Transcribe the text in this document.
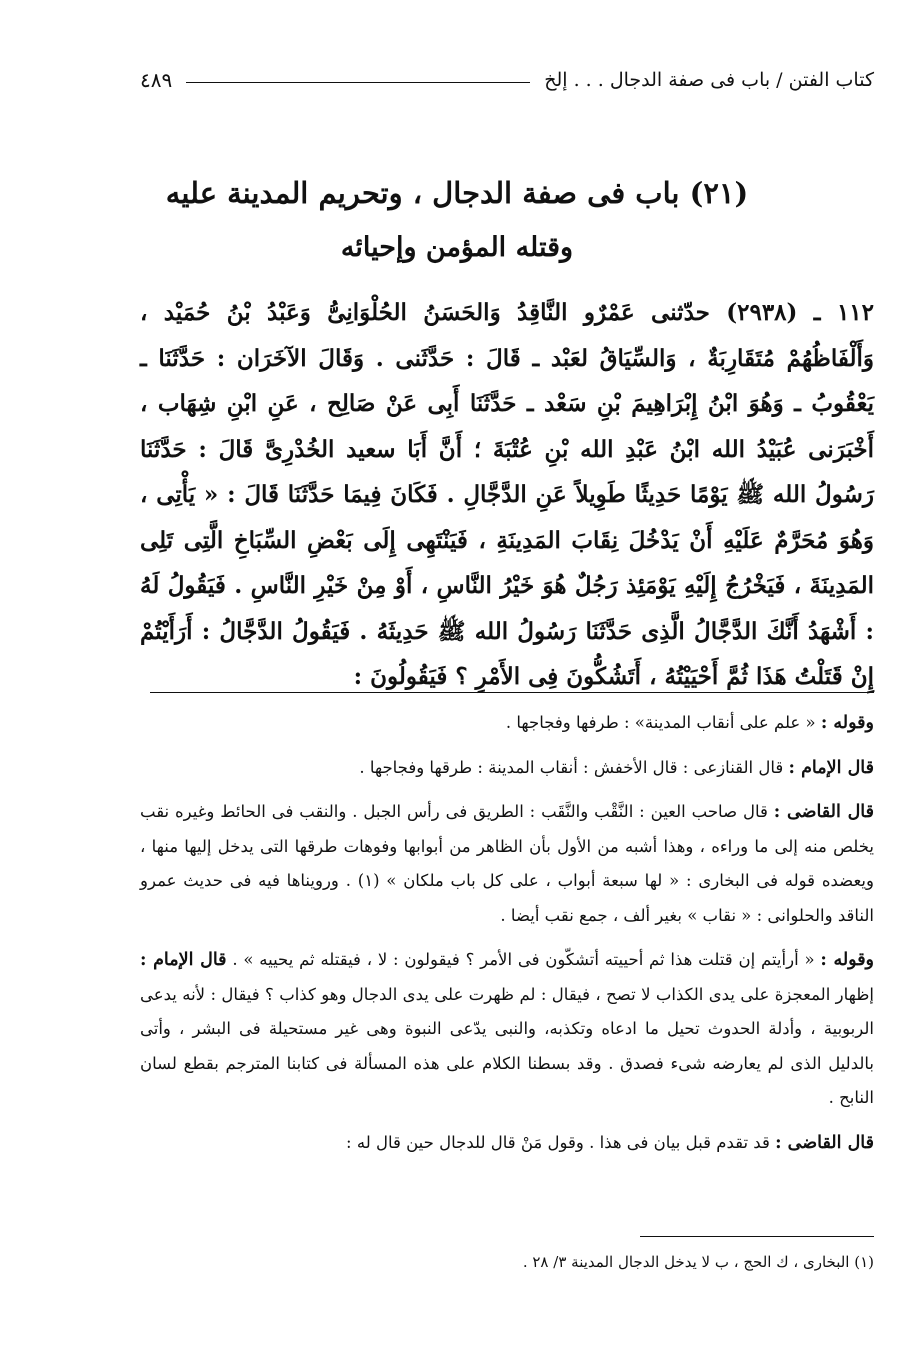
كتاب الفتن / باب فى صفة الدجال . . . إلخ
٤٨٩
(٢١) باب فى صفة الدجال ، وتحريم المدينة عليه
وقتله المؤمن وإحيائه

١١٢ ـ (٢٩٣٨) حدّثنى عَمْرٌو النَّاقِدُ وَالحَسَنُ الحُلْوَانِىُّ وَعَبْدُ بْنُ حُمَيْد ، وَأَلْفَاظُهُمْ مُتَقَارِبَةٌ ، وَالسِّيَاقُ لعَبْد ـ قَالَ : حَدَّثَنى . وَقَالَ الآخَرَان : حَدَّثَنَا ـ يَعْقُوبُ ـ وَهُوَ ابْنُ إِبْرَاهِيمَ بْنِ سَعْد ـ حَدَّثَنَا أَبِى عَنْ صَالِح ، عَنِ ابْنِ شِهَاب ، أَخْبَرَنى عُبَيْدُ الله ابْنُ عَبْدِ الله بْنِ عُتْبَةَ ؛ أَنَّ أَبَا سعيد الخُدْرِىَّ قَالَ : حَدَّثَنَا رَسُولُ الله ﷺ يَوْمًا حَدِيثًا طَوِيلاً عَنِ الدَّجَّالِ . فَكَانَ فِيمَا حَدَّثَنَا قَالَ : « يَأْتِى ، وَهُوَ مُحَرَّمٌ عَلَيْهِ أَنْ يَدْخُلَ نِقَابَ المَدِينَةِ ، فَيَنْتَهِى إِلَى بَعْضِ السِّبَاخِ الَّتِى تَلِى المَدِينَةَ ، فَيَخْرُجُ إِلَيْهِ يَوْمَئِذ رَجُلٌ هُوَ خَيْرُ النَّاسِ ، أَوْ مِنْ خَيْرِ النَّاسِ . فَيَقُولُ لَهُ : أَشْهَدُ أَنَّكَ الدَّجَّالُ الَّذِى حَدَّثَنَا رَسُولُ الله ﷺ حَدِيثَهُ . فَيَقُولُ الدَّجَّالُ : أَرَأَيْتُمْ إِنْ قَتَلْتُ هَذَا ثُمَّ أَحْيَيْتُهُ ، أَتَشُكُّونَ فِى الأَمْرِ ؟ فَيَقُولُونَ :

وقوله : « علم على أنقاب المدينة» : طرفها وفجاجها .

قال الإمام : قال القنازعى : قال الأخفش : أنقاب المدينة : طرقها وفجاجها .

قال القاضى : قال صاحب العين : النَّقْب والنَّقَب : الطريق فى رأس الجبل . والنقب فى الحائط وغيره نقب يخلص منه إلى ما وراءه ، وهذا أشبه من الأول بأن الظاهر من أبوابها وفوهات طرقها التى يدخل إليها منها ، ويعضده قوله فى البخارى : « لها سبعة أبواب ، على كل باب ملكان » (١) . ورويناها فيه فى حديث عمرو الناقد والحلوانى : « نقاب » بغير ألف ، جمع نقب أيضا .

وقوله : « أرأيتم إن قتلت هذا ثم أحييته أتشكّون فى الأمر ؟ فيقولون : لا ، فيقتله ثم يحييه » . قال الإمام : إظهار المعجزة على يدى الكذاب لا تصح ، فيقال : لم ظهرت على يدى الدجال وهو كذاب ؟ فيقال : لأنه يدعى الربوبية ، وأدلة الحدوث تحيل ما ادعاه وتكذبه، والنبى يدّعى النبوة وهى غير مستحيلة فى البشر ، وأتى بالدليل الذى لم يعارضه شىء فصدق . وقد بسطنا الكلام على هذه المسألة فى كتابنا المترجم بقطع لسان النابح .

قال القاضى : قد تقدم قبل بيان فى هذا . وقول مَنْ قال للدجال حين قال له :

(١) البخارى ، ك الحج ، ب لا يدخل الدجال المدينة ٣/ ٢٨ .
